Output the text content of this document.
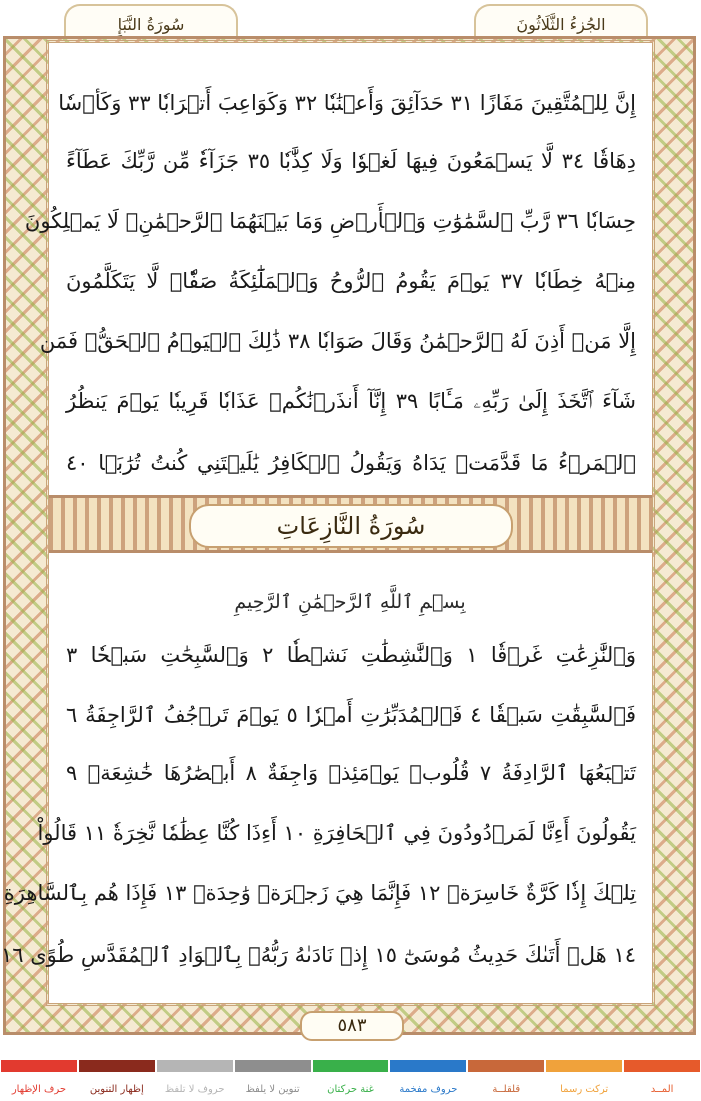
سُورَةُ النَّبَإِ	الجُزءُ الثَّلَاثُونَ
إِنَّ لِلۡمُتَّقِينَ مَفَازًا ٣١ حَدَآئِقَ وَأَعۡنَٰبٗا ٣٢ وَكَوَاعِبَ أَتۡرَابٗا ٣٣ وَكَأۡسٗا
دِهَاقٗا ٣٤ لَّا يَسۡمَعُونَ فِيهَا لَغۡوٗا وَلَا كِذَّٰبٗا ٣٥ جَزَآءٗ مِّن رَّبِّكَ عَطَآءً
حِسَابٗا ٣٦ رَّبِّ ٱلسَّمَٰوَٰتِ وَٱلۡأَرۡضِ وَمَا بَيۡنَهُمَا ٱلرَّحۡمَٰنِۖ لَا يَمۡلِكُونَ
مِنۡهُ خِطَابٗا ٣٧ يَوۡمَ يَقُومُ ٱلرُّوحُ وَٱلۡمَلَٰٓئِكَةُ صَفّٗاۖ لَّا يَتَكَلَّمُونَ
إِلَّا مَنۡ أَذِنَ لَهُ ٱلرَّحۡمَٰنُ وَقَالَ صَوَابٗا ٣٨ ذَٰلِكَ ٱلۡيَوۡمُ ٱلۡحَقُّۖ فَمَن
شَآءَ ٱتَّخَذَ إِلَىٰ رَبِّهِۦ مَـَٔابًا ٣٩ إِنَّآ أَنذَرۡنَٰكُمۡ عَذَابٗا قَرِيبٗا يَوۡمَ يَنظُرُ
ٱلۡمَرۡءُ مَا قَدَّمَتۡ يَدَاهُ وَيَقُولُ ٱلۡكَافِرُ يَٰلَيۡتَنِي كُنتُ تُرَٰبَۢا ٤٠
سُورَةُ النَّازِعَاتِ
بِسۡمِ ٱللَّهِ ٱلرَّحۡمَٰنِ ٱلرَّحِيمِ
وَٱلنَّٰزِعَٰتِ غَرۡقٗا ١ وَٱلنَّٰشِطَٰتِ نَشۡطٗا ٢ وَٱلسَّٰبِحَٰتِ سَبۡحٗا ٣
فَٱلسَّٰبِقَٰتِ سَبۡقٗا ٤ فَٱلۡمُدَبِّرَٰتِ أَمۡرٗا ٥ يَوۡمَ تَرۡجُفُ ٱلرَّاجِفَةُ ٦
تَتۡبَعُهَا ٱلرَّادِفَةُ ٧ قُلُوبٞ يَوۡمَئِذٖ وَاجِفَةٌ ٨ أَبۡصَٰرُهَا خَٰشِعَةٞ ٩
يَقُولُونَ أَءِنَّا لَمَرۡدُودُونَ فِي ٱلۡحَافِرَةِ ١٠ أَءِذَا كُنَّا عِظَٰمٗا نَّخِرَةٗ ١١ قَالُواْ
تِلۡكَ إِذٗا كَرَّةٌ خَاسِرَةٞ ١٢ فَإِنَّمَا هِيَ زَجۡرَةٞ وَٰحِدَةٞ ١٣ فَإِذَا هُم بِٱلسَّاهِرَةِ
١٤ هَلۡ أَتَىٰكَ حَدِيثُ مُوسَىٰٓ ١٥ إِذۡ نَادَىٰهُ رَبُّهُۥ بِٱلۡوَادِ ٱلۡمُقَدَّسِ طُوًى ١٦
٥٨٣
المــد
تركت رسما
قلقلــة
حروف مفخمة
غنة حركتان
تنوين لا يلفظ
حروف لا تلفظ
إظهار التنوين
حرف الإظهار
